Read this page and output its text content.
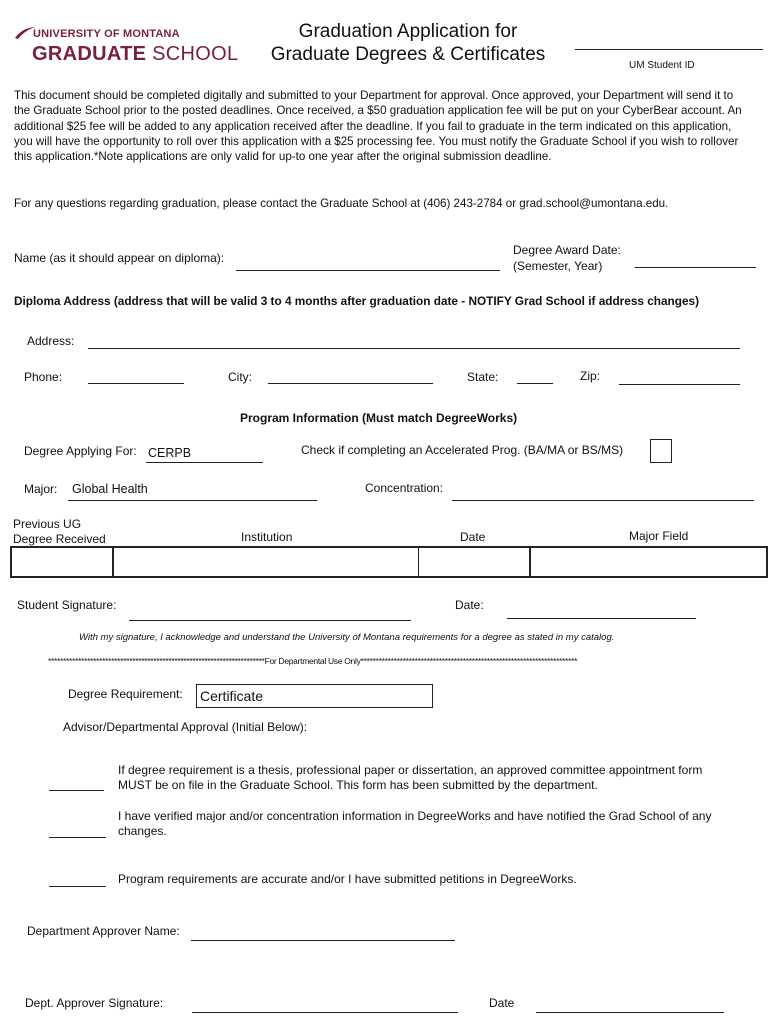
UNIVERSITY OF MONTANA
GRADUATE SCHOOL
Graduation Application for
Graduate Degrees & Certificates
UM Student ID
This document should be completed digitally and submitted to your Department for approval. Once approved, your Department will send it to the Graduate School prior to the posted deadlines. Once received, a $50 graduation application fee will be put on your CyberBear account. An additional $25 fee will be added to any application received after the deadline. If you fail to graduate in the term indicated on this application, you will have the opportunity to roll over this application with a $25 processing fee. You must notify the Graduate School if you wish to rollover this application.*Note applications are only valid for up-to one year after the original submission deadline.
For any questions regarding graduation, please contact the Graduate School at (406) 243-2784 or grad.school@umontana.edu.
Name (as it should appear on diploma):
Degree Award Date:
(Semester, Year)
Diploma Address (address that will be valid 3 to 4 months after graduation date - NOTIFY Grad School if address changes)
Address:
Phone:	City:	State:	Zip:
Program Information (Must match DegreeWorks)
Degree Applying For: CERPB	Check if completing an Accelerated Prog. (BA/MA or BS/MS)
Major: Global Health	Concentration:
Previous UG
Degree Received	Institution	Date	Major Field
Student Signature:	Date:
With my signature, I acknowledge and understand the University of Montana requirements for a degree as stated in my catalog.
************************************************************************For Departmental Use Only************************************************************************
Degree Requirement: Certificate
Advisor/Departmental Approval (Initial Below):
If degree requirement is a thesis, professional paper or dissertation, an approved committee appointment form MUST be on file in the Graduate School. This form has been submitted by the department.
I have verified major and/or concentration information in DegreeWorks and have notified the Grad School of any changes.
Program requirements are accurate and/or I have submitted petitions in DegreeWorks.
Department Approver Name:
Dept. Approver Signature:	Date
